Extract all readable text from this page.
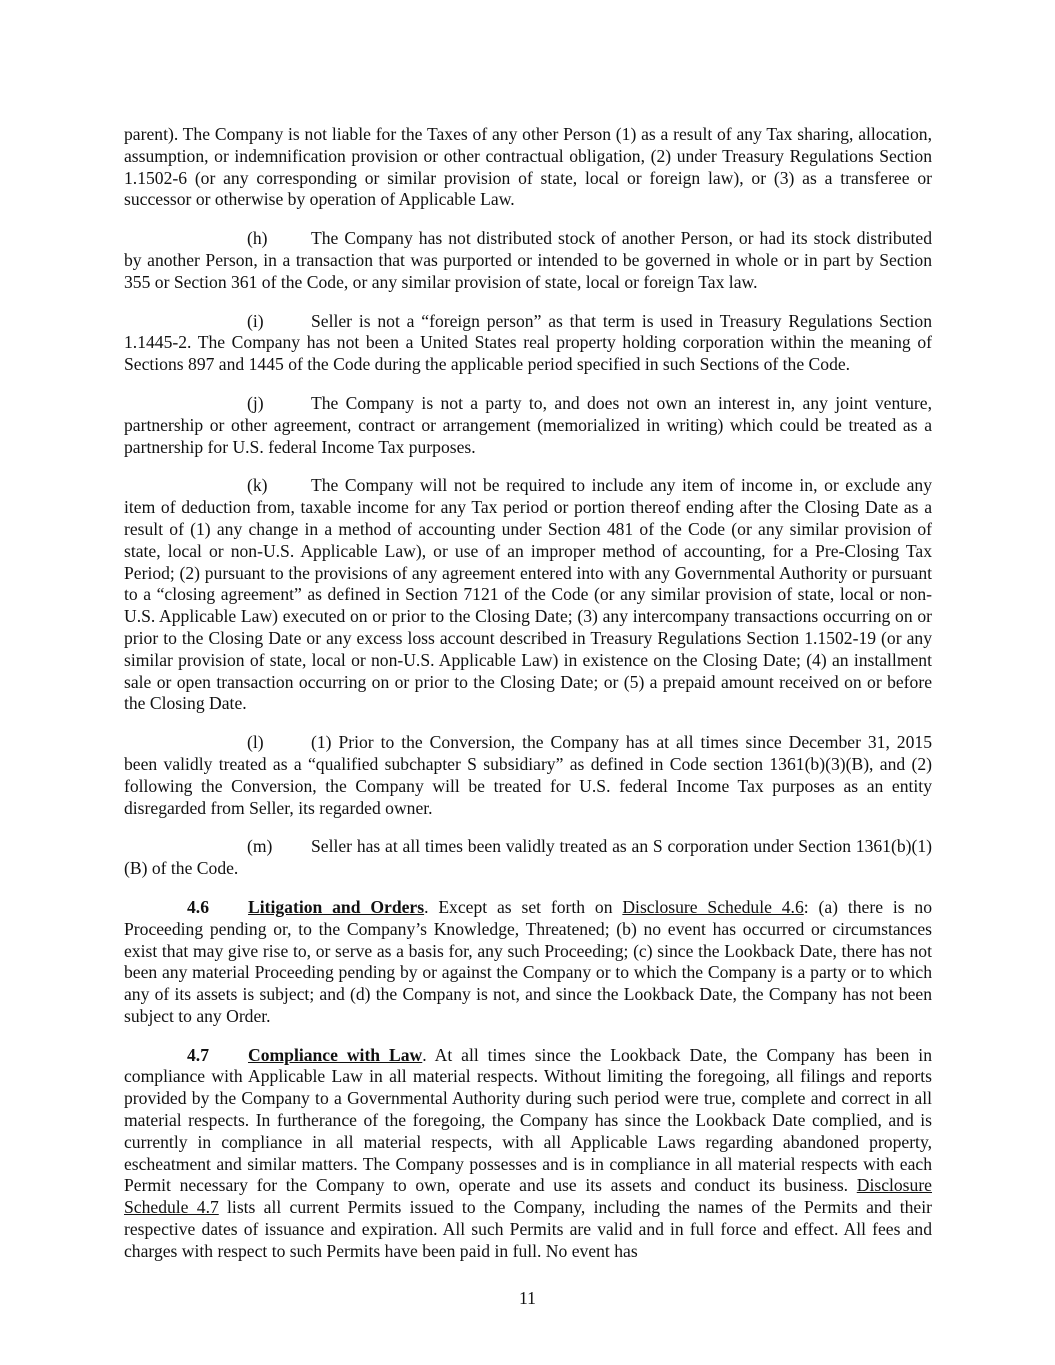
parent). The Company is not liable for the Taxes of any other Person (1) as a result of any Tax sharing, allocation, assumption, or indemnification provision or other contractual obligation, (2) under Treasury Regulations Section 1.1502-6 (or any corresponding or similar provision of state, local or foreign law), or (3) as a transferee or successor or otherwise by operation of Applicable Law.

(h) The Company has not distributed stock of another Person, or had its stock distributed by another Person, in a transaction that was purported or intended to be governed in whole or in part by Section 355 or Section 361 of the Code, or any similar provision of state, local or foreign Tax law.

(i)	Seller is not a “foreign person” as that term is used in Treasury Regulations Section 1.1445-2. The Company has not been a United States real property holding corporation within the meaning of Sections 897 and 1445 of the Code during the applicable period specified in such Sections of the Code.

(j)	The Company is not a party to, and does not own an interest in, any joint venture, partnership or other agreement, contract or arrangement (memorialized in writing) which could be treated as a partnership for U.S. federal Income Tax purposes.

(k) The Company will not be required to include any item of income in, or exclude any item of deduction from, taxable income for any Tax period or portion thereof ending after the Closing Date as a result of (1) any change in a method of accounting under Section 481 of the Code (or any similar provision of state, local or non-U.S. Applicable Law), or use of an improper method of accounting, for a Pre-Closing Tax Period; (2) pursuant to the provisions of any agreement entered into with any Governmental Authority or pursuant to a “closing agreement” as defined in Section 7121 of the Code (or any similar provision of state, local or non-U.S. Applicable Law) executed on or prior to the Closing Date; (3) any intercompany transactions occurring on or prior to the Closing Date or any excess loss account described in Treasury Regulations Section 1.1502-19 (or any similar provision of state, local or non-U.S. Applicable Law) in existence on the Closing Date; (4) an installment sale or open transaction occurring on or prior to the Closing Date; or (5) a prepaid amount received on or before the Closing Date.

(l)	(1) Prior to the Conversion, the Company has at all times since December 31, 2015 been validly treated as a “qualified subchapter S subsidiary” as defined in Code section 1361(b)(3)(B), and (2) following the Conversion, the Company will be treated for U.S. federal Income Tax purposes as an entity disregarded from Seller, its regarded owner.

(m) Seller has at all times been validly treated as an S corporation under Section 1361(b)(1)(B) of the Code.

4.6 Litigation and Orders. Except as set forth on Disclosure Schedule 4.6: (a) there is no Proceeding pending or, to the Company’s Knowledge, Threatened; (b) no event has occurred or circumstances exist that may give rise to, or serve as a basis for, any such Proceeding; (c) since the Lookback Date, there has not been any material Proceeding pending by or against the Company or to which the Company is a party or to which any of its assets is subject; and (d) the Company is not, and since the Lookback Date, the Company has not been subject to any Order.

4.7 Compliance with Law. At all times since the Lookback Date, the Company has been in compliance with Applicable Law in all material respects. Without limiting the foregoing, all filings and reports provided by the Company to a Governmental Authority during such period were true, complete and correct in all material respects. In furtherance of the foregoing, the Company has since the Lookback Date complied, and is currently in compliance in all material respects, with all Applicable Laws regarding abandoned property, escheatment and similar matters. The Company possesses and is in compliance in all material respects with each Permit necessary for the Company to own, operate and use its assets and conduct its business. Disclosure Schedule 4.7 lists all current Permits issued to the Company, including the names of the Permits and their respective dates of issuance and expiration. All such Permits are valid and in full force and effect. All fees and charges with respect to such Permits have been paid in full. No event has

11
